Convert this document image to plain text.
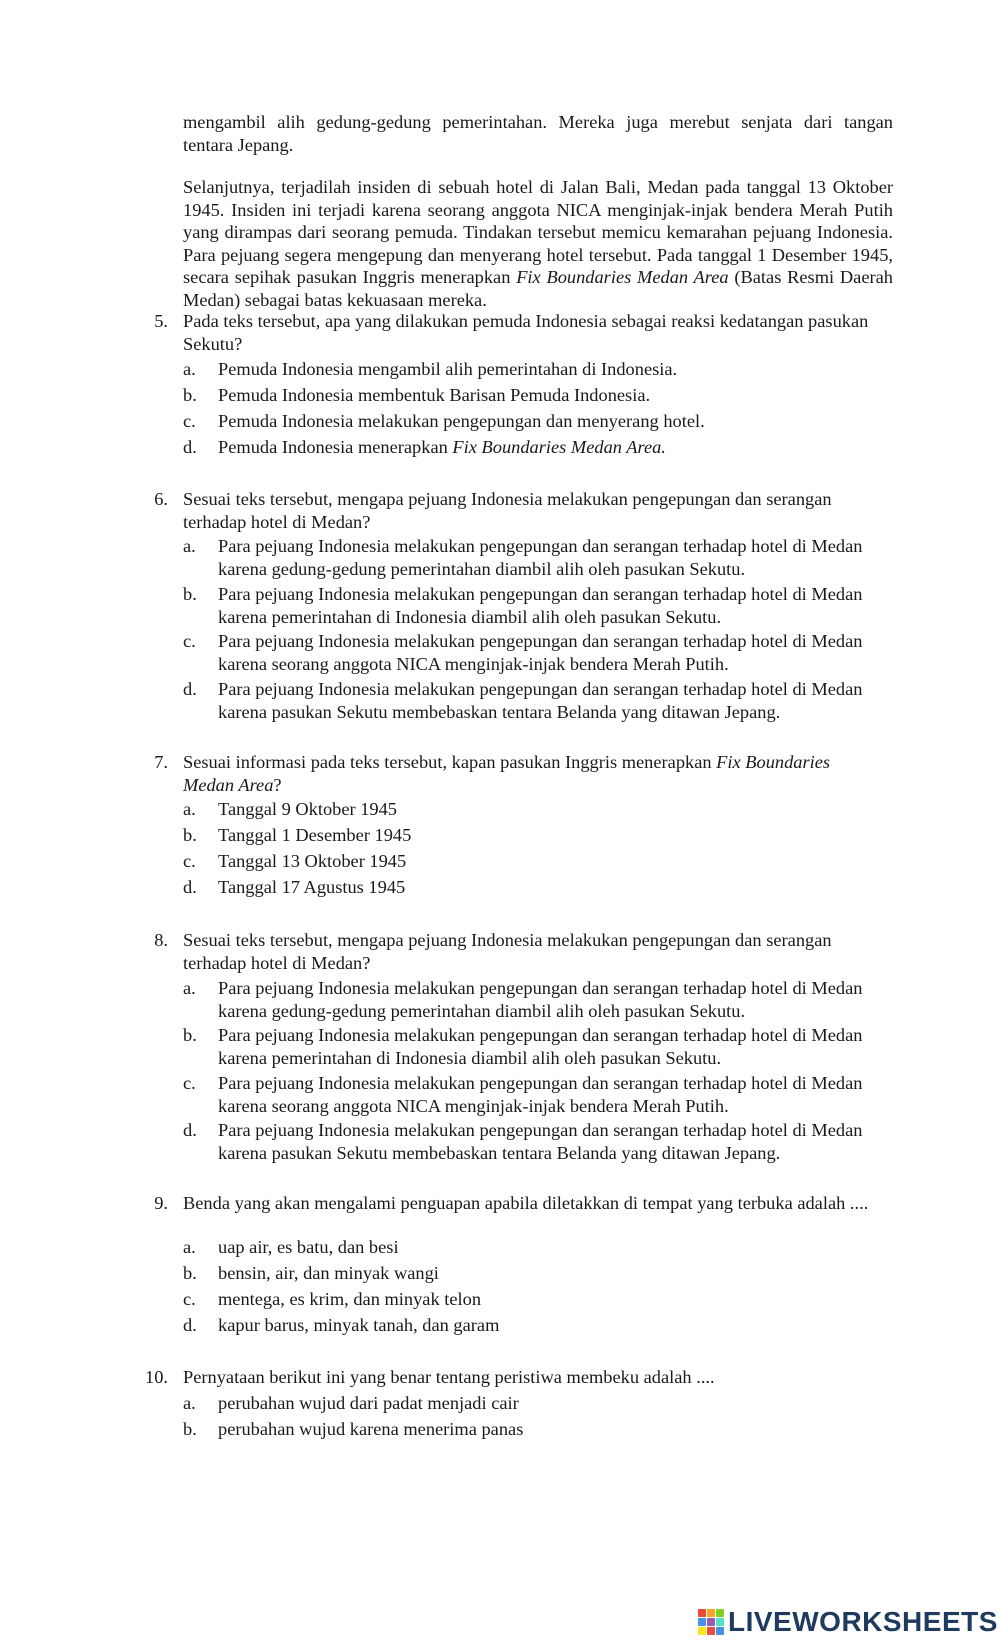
mengambil alih gedung-gedung pemerintahan. Mereka juga merebut senjata dari tangan
tentara Jepang.
Selanjutnya, terjadilah insiden di sebuah hotel di Jalan Bali, Medan pada tanggal 13 Oktober 1945. Insiden ini terjadi karena seorang anggota NICA menginjak-injak bendera Merah Putih yang dirampas dari seorang pemuda. Tindakan tersebut memicu kemarahan pejuang Indonesia. Para pejuang segera mengepung dan menyerang hotel tersebut. Pada tanggal 1 Desember 1945, secara sepihak pasukan Inggris menerapkan Fix Boundaries Medan Area (Batas Resmi Daerah Medan) sebagai batas kekuasaan mereka.
5. Pada teks tersebut, apa yang dilakukan pemuda Indonesia sebagai reaksi kedatangan pasukan Sekutu?
a. Pemuda Indonesia mengambil alih pemerintahan di Indonesia.
b. Pemuda Indonesia membentuk Barisan Pemuda Indonesia.
c. Pemuda Indonesia melakukan pengepungan dan menyerang hotel.
d. Pemuda Indonesia menerapkan Fix Boundaries Medan Area.
6. Sesuai teks tersebut, mengapa pejuang Indonesia melakukan pengepungan dan serangan terhadap hotel di Medan?
a. Para pejuang Indonesia melakukan pengepungan dan serangan terhadap hotel di Medan karena gedung-gedung pemerintahan diambil alih oleh pasukan Sekutu.
b. Para pejuang Indonesia melakukan pengepungan dan serangan terhadap hotel di Medan karena pemerintahan di Indonesia diambil alih oleh pasukan Sekutu.
c. Para pejuang Indonesia melakukan pengepungan dan serangan terhadap hotel di Medan karena seorang anggota NICA menginjak-injak bendera Merah Putih.
d. Para pejuang Indonesia melakukan pengepungan dan serangan terhadap hotel di Medan karena pasukan Sekutu membebaskan tentara Belanda yang ditawan Jepang.
7. Sesuai informasi pada teks tersebut, kapan pasukan Inggris menerapkan Fix Boundaries Medan Area?
a. Tanggal 9 Oktober 1945
b. Tanggal 1 Desember 1945
c. Tanggal 13 Oktober 1945
d. Tanggal 17 Agustus 1945
8. Sesuai teks tersebut, mengapa pejuang Indonesia melakukan pengepungan dan serangan terhadap hotel di Medan?
a. Para pejuang Indonesia melakukan pengepungan dan serangan terhadap hotel di Medan karena gedung-gedung pemerintahan diambil alih oleh pasukan Sekutu.
b. Para pejuang Indonesia melakukan pengepungan dan serangan terhadap hotel di Medan karena pemerintahan di Indonesia diambil alih oleh pasukan Sekutu.
c. Para pejuang Indonesia melakukan pengepungan dan serangan terhadap hotel di Medan karena seorang anggota NICA menginjak-injak bendera Merah Putih.
d. Para pejuang Indonesia melakukan pengepungan dan serangan terhadap hotel di Medan karena pasukan Sekutu membebaskan tentara Belanda yang ditawan Jepang.
9. Benda yang akan mengalami penguapan apabila diletakkan di tempat yang terbuka adalah ....
a. uap air, es batu, dan besi
b. bensin, air, dan minyak wangi
c. mentega, es krim, dan minyak telon
d. kapur barus, minyak tanah, dan garam
10. Pernyataan berikut ini yang benar tentang peristiwa membeku adalah ....
a. perubahan wujud dari padat menjadi cair
b. perubahan wujud karena menerima panas
LIVEWORKSHEETS
